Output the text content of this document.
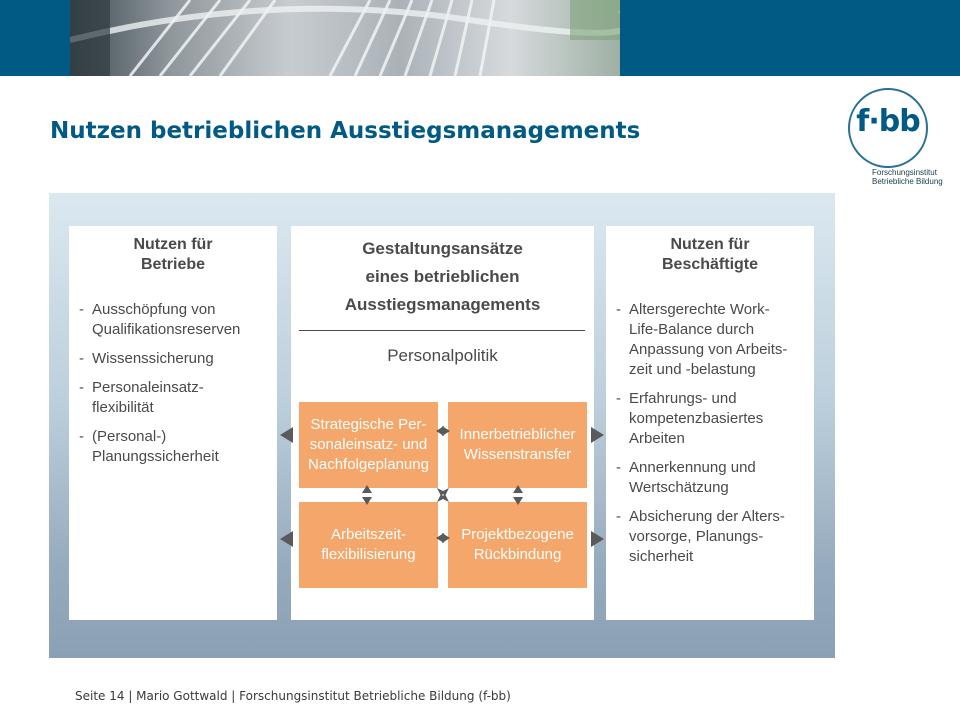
Nutzen betrieblichen Ausstiegsmanagements	f·bb
Forschungsinstitut
Betriebliche Bildung
Nutzen für
Betriebe
- Ausschöpfung von
Qualifikationsreserven
- Wissenssicherung
- Personaleinsatz-
flexibilität
- (Personal-)
Planungssicherheit
Gestaltungsansätze
eines betrieblichen
Ausstiegsmanagements
Personalpolitik
Strategische Per-
sonaleinsatz- und
Nachfolgeplanung
Innerbetrieblicher
Wissenstransfer
Arbeitszeit-
flexibilisierung
Projektbezogene
Rückbindung
Nutzen für
Beschäftigte
- Altersgerechte Work-
Life-Balance durch
Anpassung von Arbeits-
zeit und -belastung
- Erfahrungs- und
kompetenzbasiertes
Arbeiten
- Annerkennung und
Wertschätzung
- Absicherung der Alters-
vorsorge, Planungs-
sicherheit
Seite 14 | Mario Gottwald | Forschungsinstitut Betriebliche Bildung (f-bb)
